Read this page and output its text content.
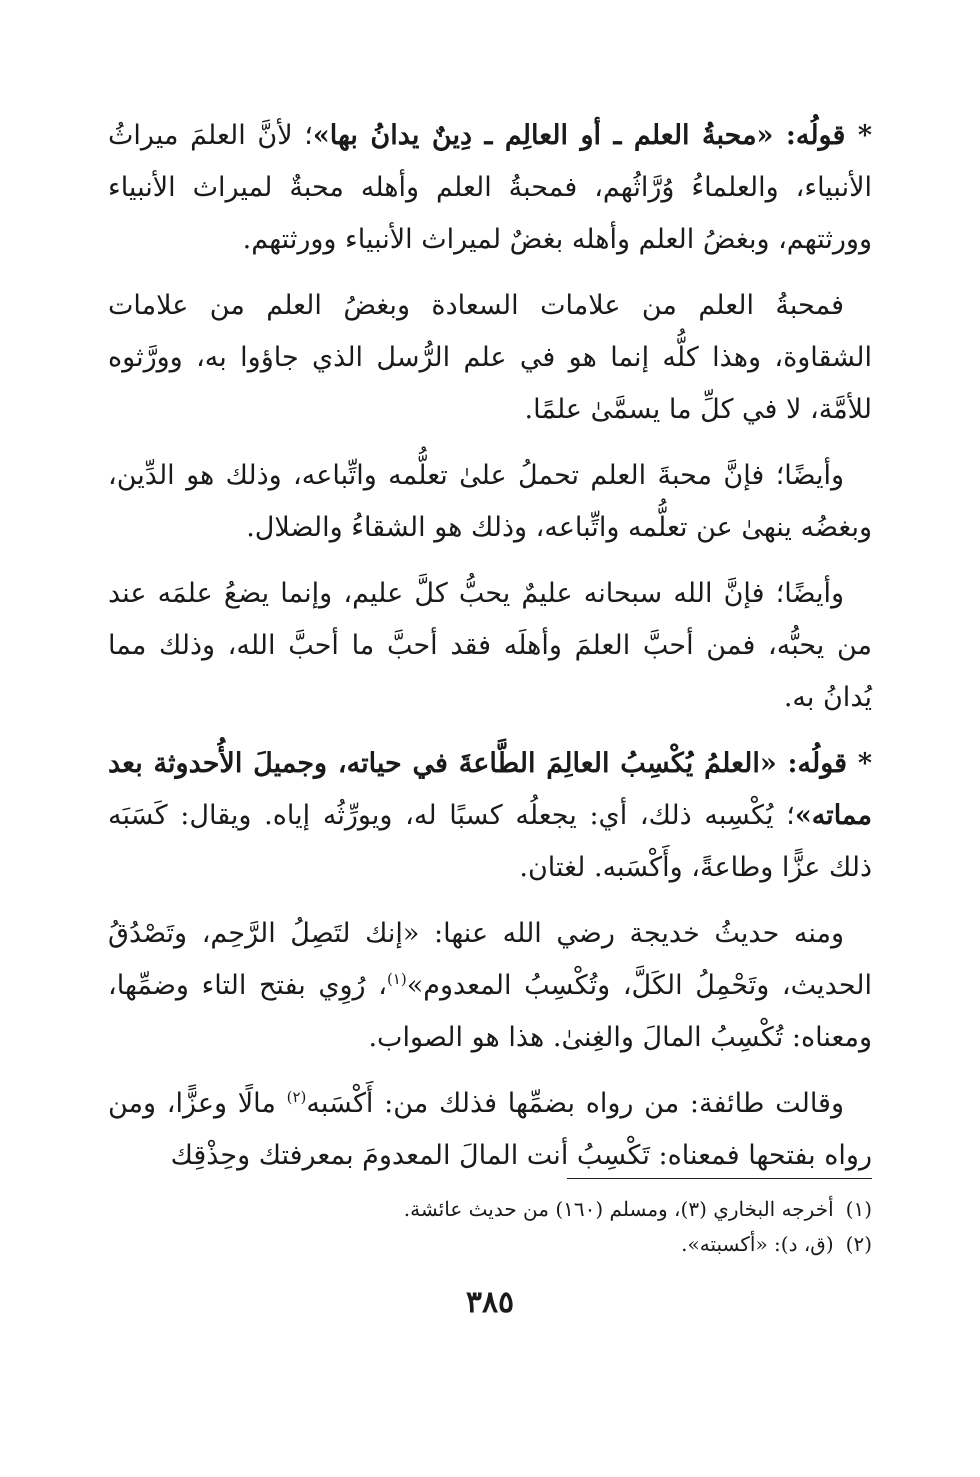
* قولُه: «محبةُ العلم ـ أو العالِم ـ دِينٌ يدانُ بها»؛ لأنَّ العلمَ ميراثُ الأنبياء، والعلماءُ وُرَّاثُهم، فمحبةُ العلم وأهله محبةٌ لميراث الأنبياء وورثتهم، وبغضُ العلم وأهله بغضٌ لميراث الأنبياء وورثتهم.

فمحبةُ العلم من علامات السعادة وبغضُ العلم من علامات الشقاوة، وهذا كلُّه إنما هو في علم الرُّسل الذي جاؤوا به، وورَّثوه للأمَّة، لا في كلِّ ما يسمَّىٰ علمًا.

وأيضًا؛ فإنَّ محبةَ العلم تحملُ علىٰ تعلُّمه واتِّباعه، وذلك هو الدِّين، وبغضُه ينهىٰ عن تعلُّمه واتِّباعه، وذلك هو الشقاءُ والضلال.

وأيضًا؛ فإنَّ الله سبحانه عليمٌ يحبُّ كلَّ عليم، وإنما يضعُ علمَه عند من يحبُّه، فمن أحبَّ العلمَ وأهلَه فقد أحبَّ ما أحبَّ الله، وذلك مما يُدانُ به.

* قولُه: «العلمُ يُكْسِبُ العالِمَ الطَّاعةَ في حياته، وجميلَ الأُحدوثة بعد مماته»؛ يُكْسِبه ذلك، أي: يجعلُه كسبًا له، ويورِّثُه إياه. ويقال: كَسَبَه ذلك عزًّا وطاعةً، وأَكْسَبه. لغتان.

ومنه حديثُ خديجة رضي الله عنها: «إنك لتَصِلُ الرَّحِم، وتَصْدُقُ الحديث، وتَحْمِلُ الكَلَّ، وتُكْسِبُ المعدوم»$^{(١)}$، رُوِي بفتح التاء وضمِّها، ومعناه: تُكْسِبُ المالَ والغِنىٰ. هذا هو الصواب.

وقالت طائفة: من رواه بضمِّها فذلك من: أَكْسَبه$^{(٢)}$ مالًا وعزًّا، ومن رواه بفتحها فمعناه: تَكْسِبُ أنت المالَ المعدومَ بمعرفتك وحِذْقِك

(١)أخرجه البخاري (٣)، ومسلم (١٦٠) من حديث عائشة.

(٢)(ق، د): «أكسبته».

٣٨٥
